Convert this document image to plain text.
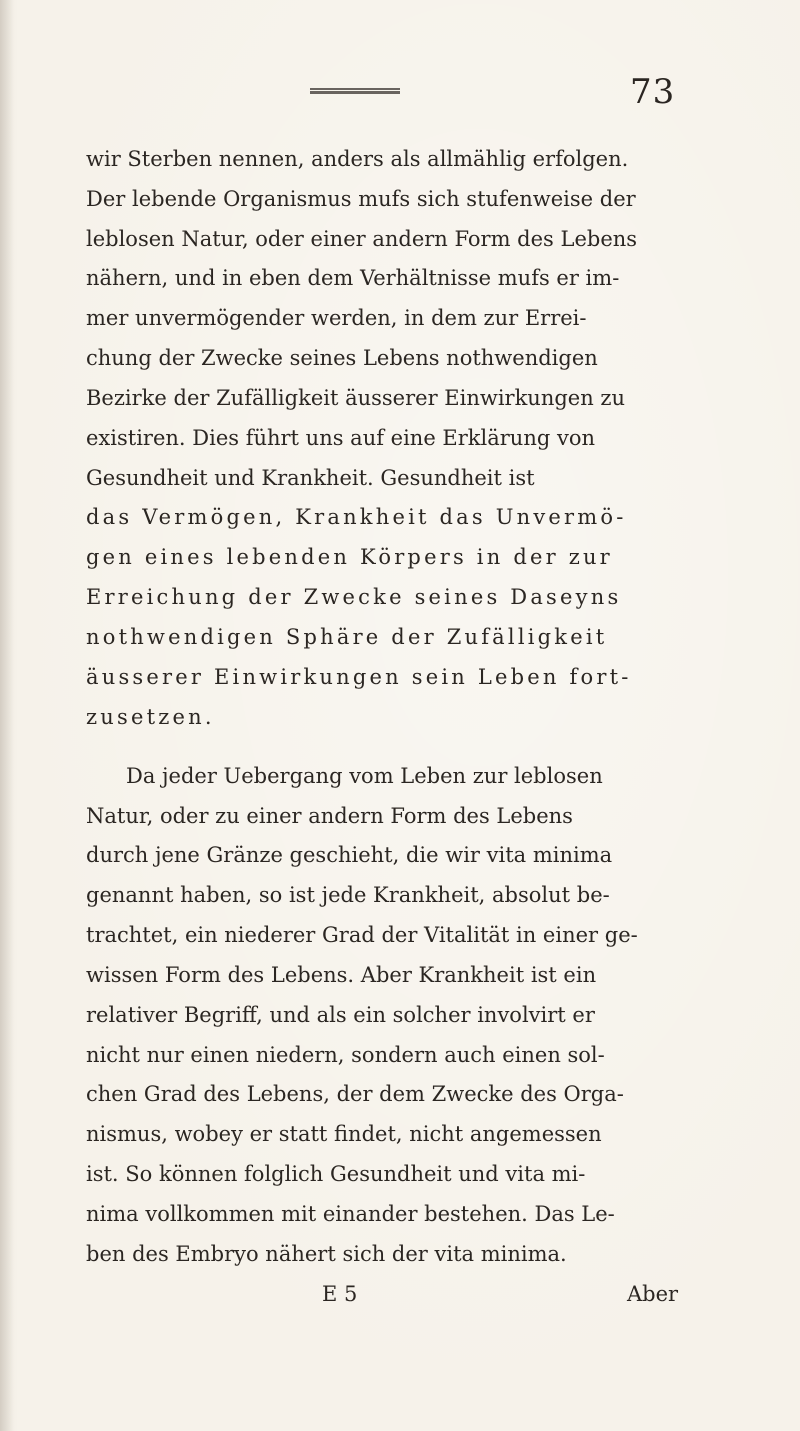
73
wir Sterben nennen, anders als allmählig erfolgen.
Der lebende Organismus mufs sich stufenweise der
leblosen Natur, oder einer andern Form des Lebens
nähern, und in eben dem Verhältnisse mufs er im-
mer unvermögender werden, in dem zur Errei-
chung der Zwecke seines Lebens nothwendigen
Bezirke der Zufälligkeit äusserer Einwirkungen zu
existiren. Dies führt uns auf eine Erklärung von
Gesundheit und Krankheit. Gesundheit ist
das Vermögen, Krankheit das Unvermö-
gen eines lebenden Körpers in der zur
Erreichung der Zwecke seines Daseyns
nothwendigen Sphäre der Zufälligkeit
äusserer Einwirkungen sein Leben fort-
zusetzen.
Da jeder Uebergang vom Leben zur leblosen
Natur, oder zu einer andern Form des Lebens
durch jene Gränze geschieht, die wir vita minima
genannt haben, so ist jede Krankheit, absolut be-
trachtet, ein niederer Grad der Vitalität in einer ge-
wissen Form des Lebens. Aber Krankheit ist ein
relativer Begriff, und als ein solcher involvirt er
nicht nur einen niedern, sondern auch einen sol-
chen Grad des Lebens, der dem Zwecke des Orga-
nismus, wobey er statt findet, nicht angemessen
ist. So können folglich Gesundheit und vita mi-
nima vollkommen mit einander bestehen. Das Le-
ben des Embryo nähert sich der vita minima.
E 5	Aber
